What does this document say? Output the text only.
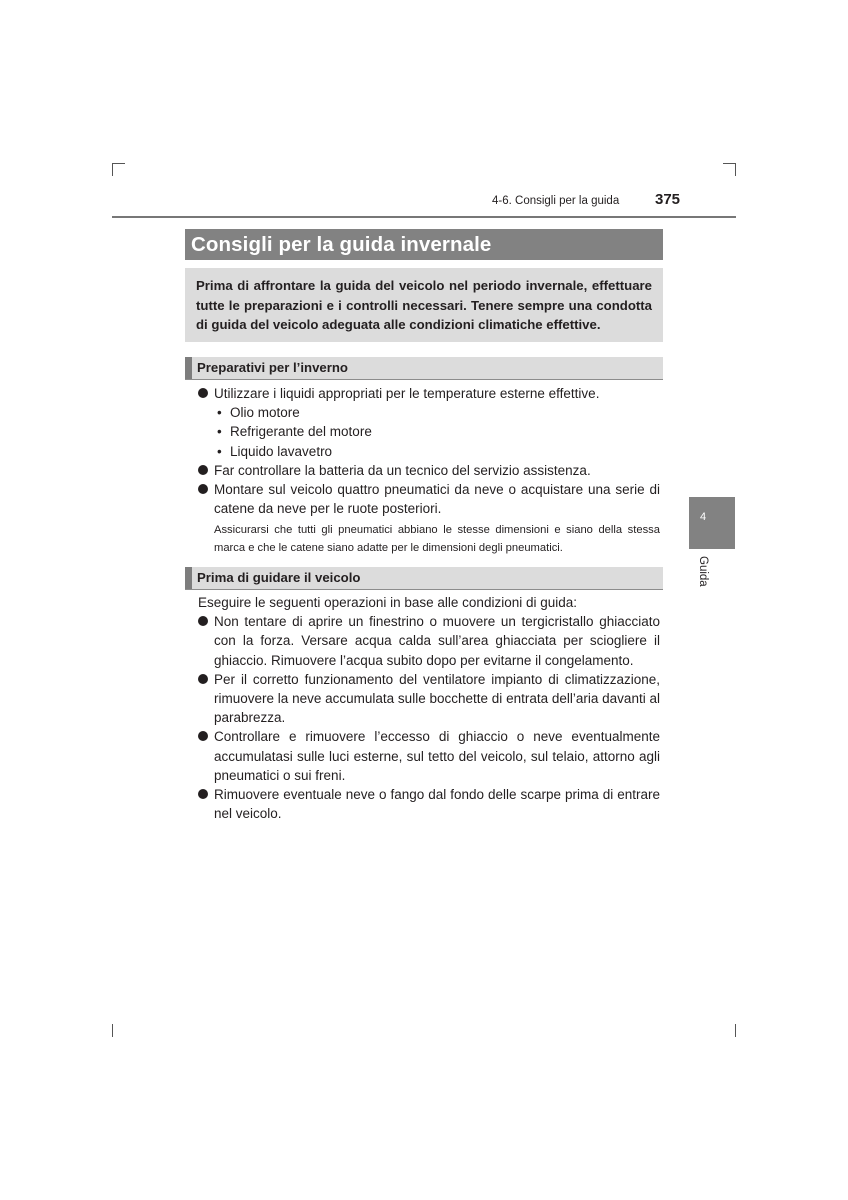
4-6. Consigli per la guida 375
Consigli per la guida invernale
Prima di affrontare la guida del veicolo nel periodo invernale, effettuare tutte le preparazioni e i controlli necessari. Tenere sempre una condotta di guida del veicolo adeguata alle condizioni climatiche effettive.
Preparativi per l’inverno
Utilizzare i liquidi appropriati per le temperature esterne effettive.
• Olio motore
• Refrigerante del motore
• Liquido lavavetro
Far controllare la batteria da un tecnico del servizio assistenza.
Montare sul veicolo quattro pneumatici da neve o acquistare una serie di catene da neve per le ruote posteriori.
Assicurarsi che tutti gli pneumatici abbiano le stesse dimensioni e siano della stessa marca e che le catene siano adatte per le dimensioni degli pneumatici.
Prima di guidare il veicolo
Eseguire le seguenti operazioni in base alle condizioni di guida:
Non tentare di aprire un finestrino o muovere un tergicristallo ghiacciato con la forza. Versare acqua calda sull’area ghiacciata per sciogliere il ghiaccio. Rimuovere l’acqua subito dopo per evitarne il congelamento.
Per il corretto funzionamento del ventilatore impianto di climatizzazione, rimuovere la neve accumulata sulle bocchette di entrata dell’aria davanti al parabrezza.
Controllare e rimuovere l’eccesso di ghiaccio o neve eventualmente accumulatasi sulle luci esterne, sul tetto del veicolo, sul telaio, attorno agli pneumatici o sui freni.
Rimuovere eventuale neve o fango dal fondo delle scarpe prima di entrare nel veicolo.
4
Guida
